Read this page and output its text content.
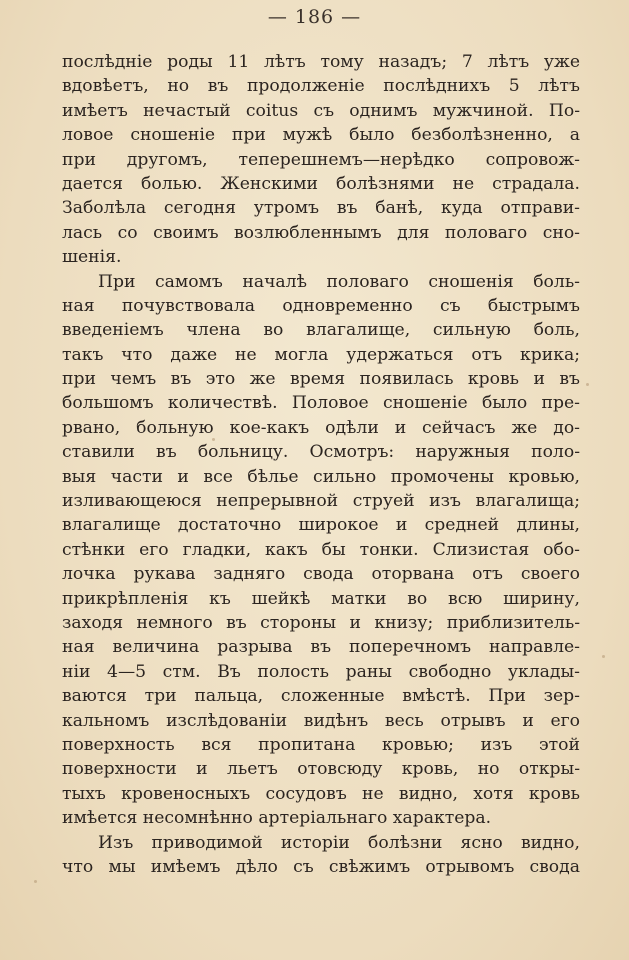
— 186 —
послѣдніе роды 11 лѣтъ тому назадъ; 7 лѣтъ уже
вдовѣетъ, но въ продолженіе послѣднихъ 5 лѣтъ
имѣетъ нечастый coitus съ однимъ мужчиной. По-
ловое сношеніе при мужѣ было безболѣзненно, а
при другомъ, теперешнемъ—нерѣдко сопровож-
дается болью. Женскими болѣзнями не страдала.
Заболѣла сегодня утромъ въ банѣ, куда отправи-
лась со своимъ возлюбленнымъ для половаго сно-
шенія.
При самомъ началѣ половаго сношенія боль-
ная почувствовала одновременно съ быстрымъ
введеніемъ члена во влагалище, сильную боль,
такъ что даже не могла удержаться отъ крика;
при чемъ въ это же время появилась кровь и въ
большомъ количествѣ. Половое сношеніе было пре-
рвано, больную кое-какъ одѣли и сейчасъ же до-
ставили въ больницу. Осмотръ: наружныя поло-
выя части и все бѣлье сильно промочены кровью,
изливающеюся непрерывной струей изъ влагалища;
влагалище достаточно широкое и средней длины,
стѣнки его гладки, какъ бы тонки. Слизистая обо-
лочка рукава задняго свода оторвана отъ своего
прикрѣпленія къ шейкѣ матки во всю ширину,
заходя немного въ стороны и книзу; приблизитель-
ная величина разрыва въ поперечномъ направле-
ніи 4—5 стм. Въ полость раны свободно уклады-
ваются три пальца, сложенные вмѣстѣ. При зер-
кальномъ изслѣдованіи видѣнъ весь отрывъ и его
поверхность вся пропитана кровью; изъ этой
поверхности и льетъ отовсюду кровь, но откры-
тыхъ кровеносныхъ сосудовъ не видно, хотя кровь
имѣется несомнѣнно артеріальнаго характера.
Изъ приводимой исторіи болѣзни ясно видно,
что мы имѣемъ дѣло съ свѣжимъ отрывомъ свода
